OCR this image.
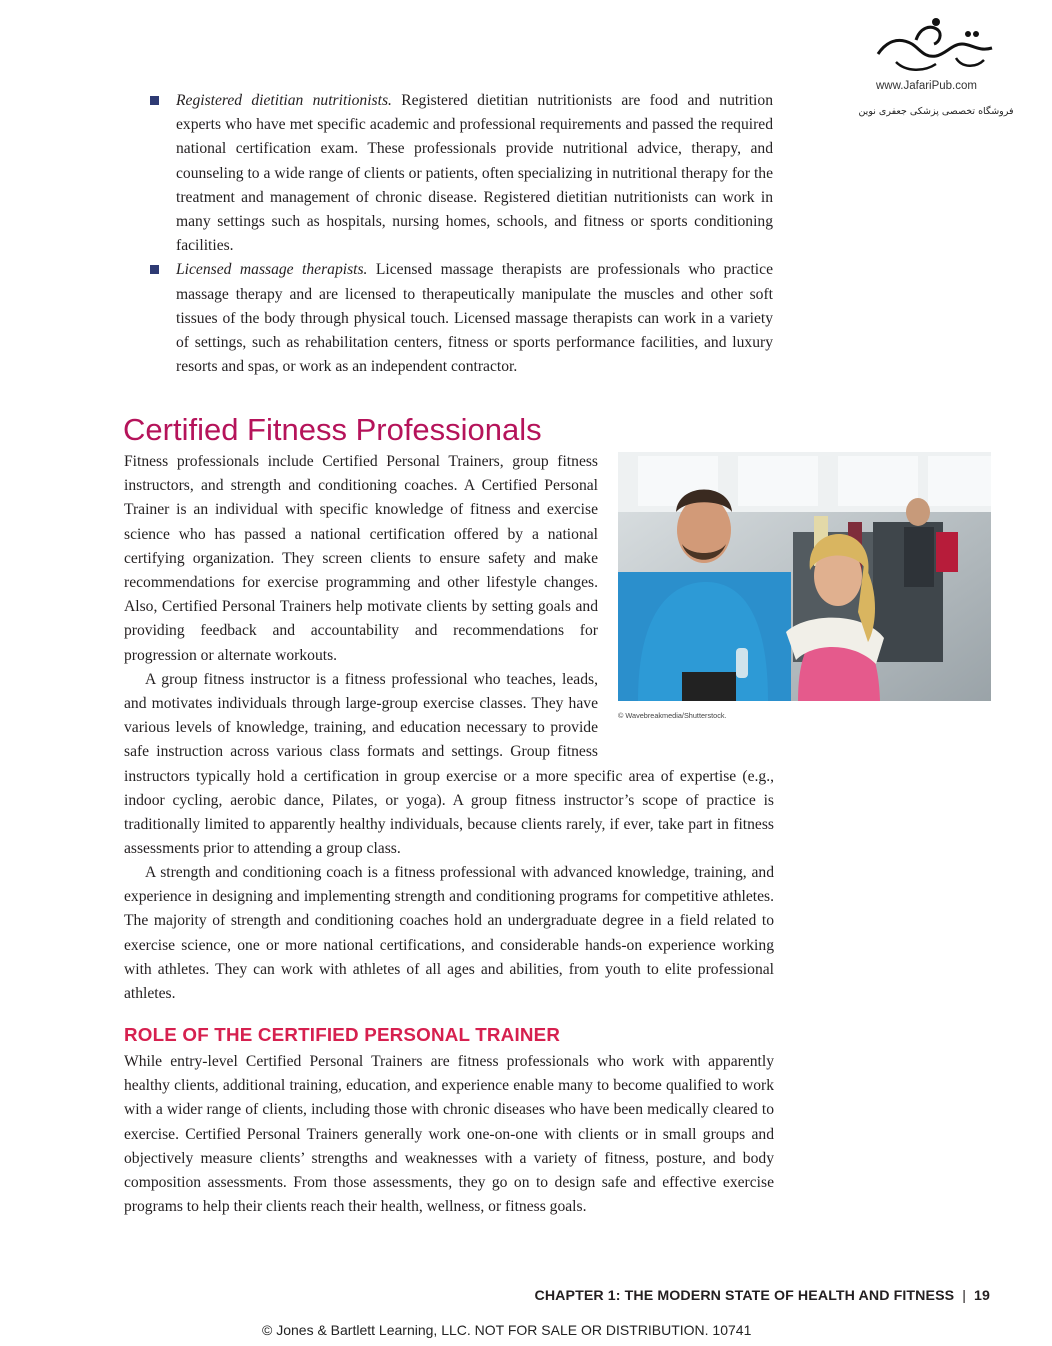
www.JafariPub.com
فروشگاه تخصصی پزشکی جعفری نوین
Registered dietitian nutritionists. Registered dietitian nutritionists are food and nutrition experts who have met specific academic and professional requirements and passed the required national certification exam. These professionals provide nutritional advice, therapy, and counseling to a wide range of clients or patients, often specializing in nutritional therapy for the treatment and management of chronic disease. Registered dietitian nutritionists can work in many settings such as hospitals, nursing homes, schools, and fitness or sports conditioning facilities.
Licensed massage therapists. Licensed massage therapists are professionals who practice massage therapy and are licensed to therapeutically manipulate the muscles and other soft tissues of the body through physical touch. Licensed massage therapists can work in a variety of settings, such as rehabilitation centers, fitness or sports performance facilities, and luxury resorts and spas, or work as an independent contractor.
Certified Fitness Professionals
© Wavebreakmedia/Shutterstock.

Fitness professionals include Certified Personal Trainers, group fitness instructors, and strength and conditioning coaches. A Certified Personal Trainer is an individual with specific knowledge of fitness and exercise science who has passed a national certification offered by a national certifying organization. They screen clients to ensure safety and make recommendations for exercise programming and other lifestyle changes. Also, Certified Personal Trainers help motivate clients by setting goals and providing feedback and accountability and recommendations for progression or alternate workouts.

A group fitness instructor is a fitness professional who teaches, leads, and motivates individuals through large-group exercise classes. They have various levels of knowledge, training, and education necessary to provide safe instruction across various class formats and settings. Group fitness instructors typically hold a certification in group exercise or a more specific area of expertise (e.g., indoor cycling, aerobic dance, Pilates, or yoga). A group fitness instructor’s scope of practice is traditionally limited to apparently healthy individuals, because clients rarely, if ever, take part in fitness assessments prior to attending a group class.

A strength and conditioning coach is a fitness professional with advanced knowledge, training, and experience in designing and implementing strength and conditioning programs for competitive athletes. The majority of strength and conditioning coaches hold an undergraduate degree in a field related to exercise science, one or more national certifications, and considerable hands-on experience working with athletes. They can work with athletes of all ages and abilities, from youth to elite professional athletes.
ROLE OF THE CERTIFIED PERSONAL TRAINER

While entry-level Certified Personal Trainers are fitness professionals who work with apparently healthy clients, additional training, education, and experience enable many to become qualified to work with a wider range of clients, including those with chronic diseases who have been medically cleared to exercise. Certified Personal Trainers generally work one-on-one with clients or in small groups and objectively measure clients’ strengths and weaknesses with a variety of fitness, posture, and body composition assessments. From those assessments, they go on to design safe and effective exercise programs to help their clients reach their health, wellness, or fitness goals.

CHAPTER 1: THE MODERN STATE OF HEALTH AND FITNESS | 19
© Jones & Bartlett Learning, LLC. NOT FOR SALE OR DISTRIBUTION. 10741
